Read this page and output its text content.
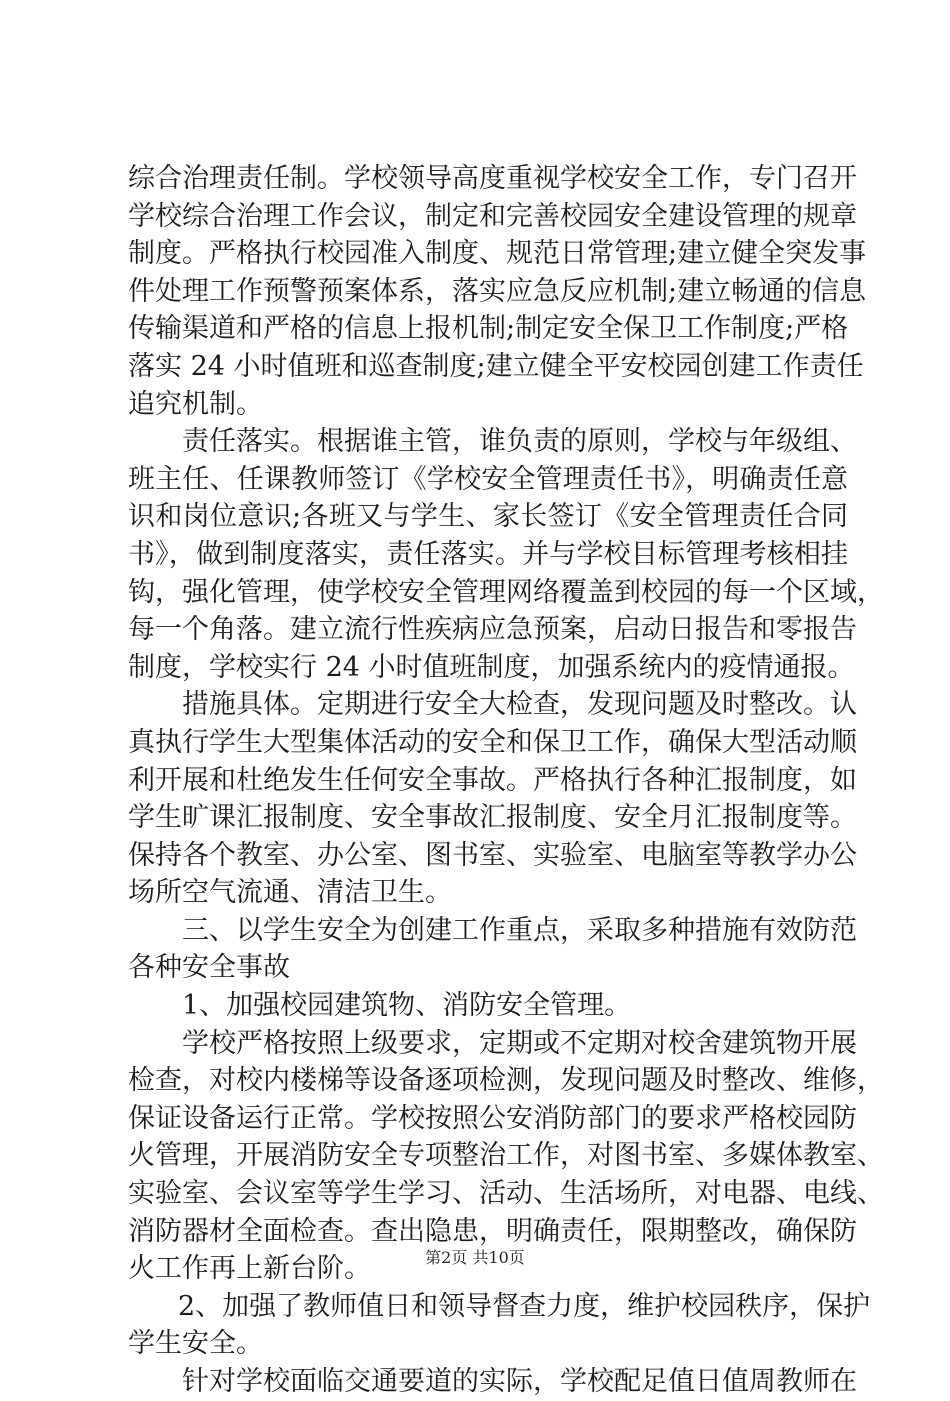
综合治理责任制。学校领导高度重视学校安全工作，专门召开
学校综合治理工作会议，制定和完善校园安全建设管理的规章
制度。严格执行校园准入制度、规范日常管理;建立健全突发事
件处理工作预警预案体系，落实应急反应机制;建立畅通的信息
传输渠道和严格的信息上报机制;制定安全保卫工作制度;严格
落实 24 小时值班和巡查制度;建立健全平安校园创建工作责任
追究机制。
责任落实。根据谁主管，谁负责的原则，学校与年级组、
班主任、任课教师签订《学校安全管理责任书》，明确责任意
识和岗位意识;各班又与学生、家长签订《安全管理责任合同
书》，做到制度落实，责任落实。并与学校目标管理考核相挂
钩，强化管理，使学校安全管理网络覆盖到校园的每一个区域，
每一个角落。建立流行性疾病应急预案，启动日报告和零报告
制度，学校实行 24 小时值班制度，加强系统内的疫情通报。
措施具体。定期进行安全大检查，发现问题及时整改。认
真执行学生大型集体活动的安全和保卫工作，确保大型活动顺
利开展和杜绝发生任何安全事故。严格执行各种汇报制度，如
学生旷课汇报制度、安全事故汇报制度、安全月汇报制度等。
保持各个教室、办公室、图书室、实验室、电脑室等教学办公
场所空气流通、清洁卫生。
三、以学生安全为创建工作重点，采取多种措施有效防范
各种安全事故
1、加强校园建筑物、消防安全管理。
学校严格按照上级要求，定期或不定期对校舍建筑物开展
检查，对校内楼梯等设备逐项检测，发现问题及时整改、维修，
保证设备运行正常。学校按照公安消防部门的要求严格校园防
火管理，开展消防安全专项整治工作，对图书室、多媒体教室、
实验室、会议室等学生学习、活动、生活场所，对电器、电线、
消防器材全面检查。查出隐患，明确责任，限期整改，确保防
火工作再上新台阶。
2、加强了教师值日和领导督查力度，维护校园秩序，保护
学生安全。
针对学校面临交通要道的实际，学校配足值日值周教师在
第2页 共10页
